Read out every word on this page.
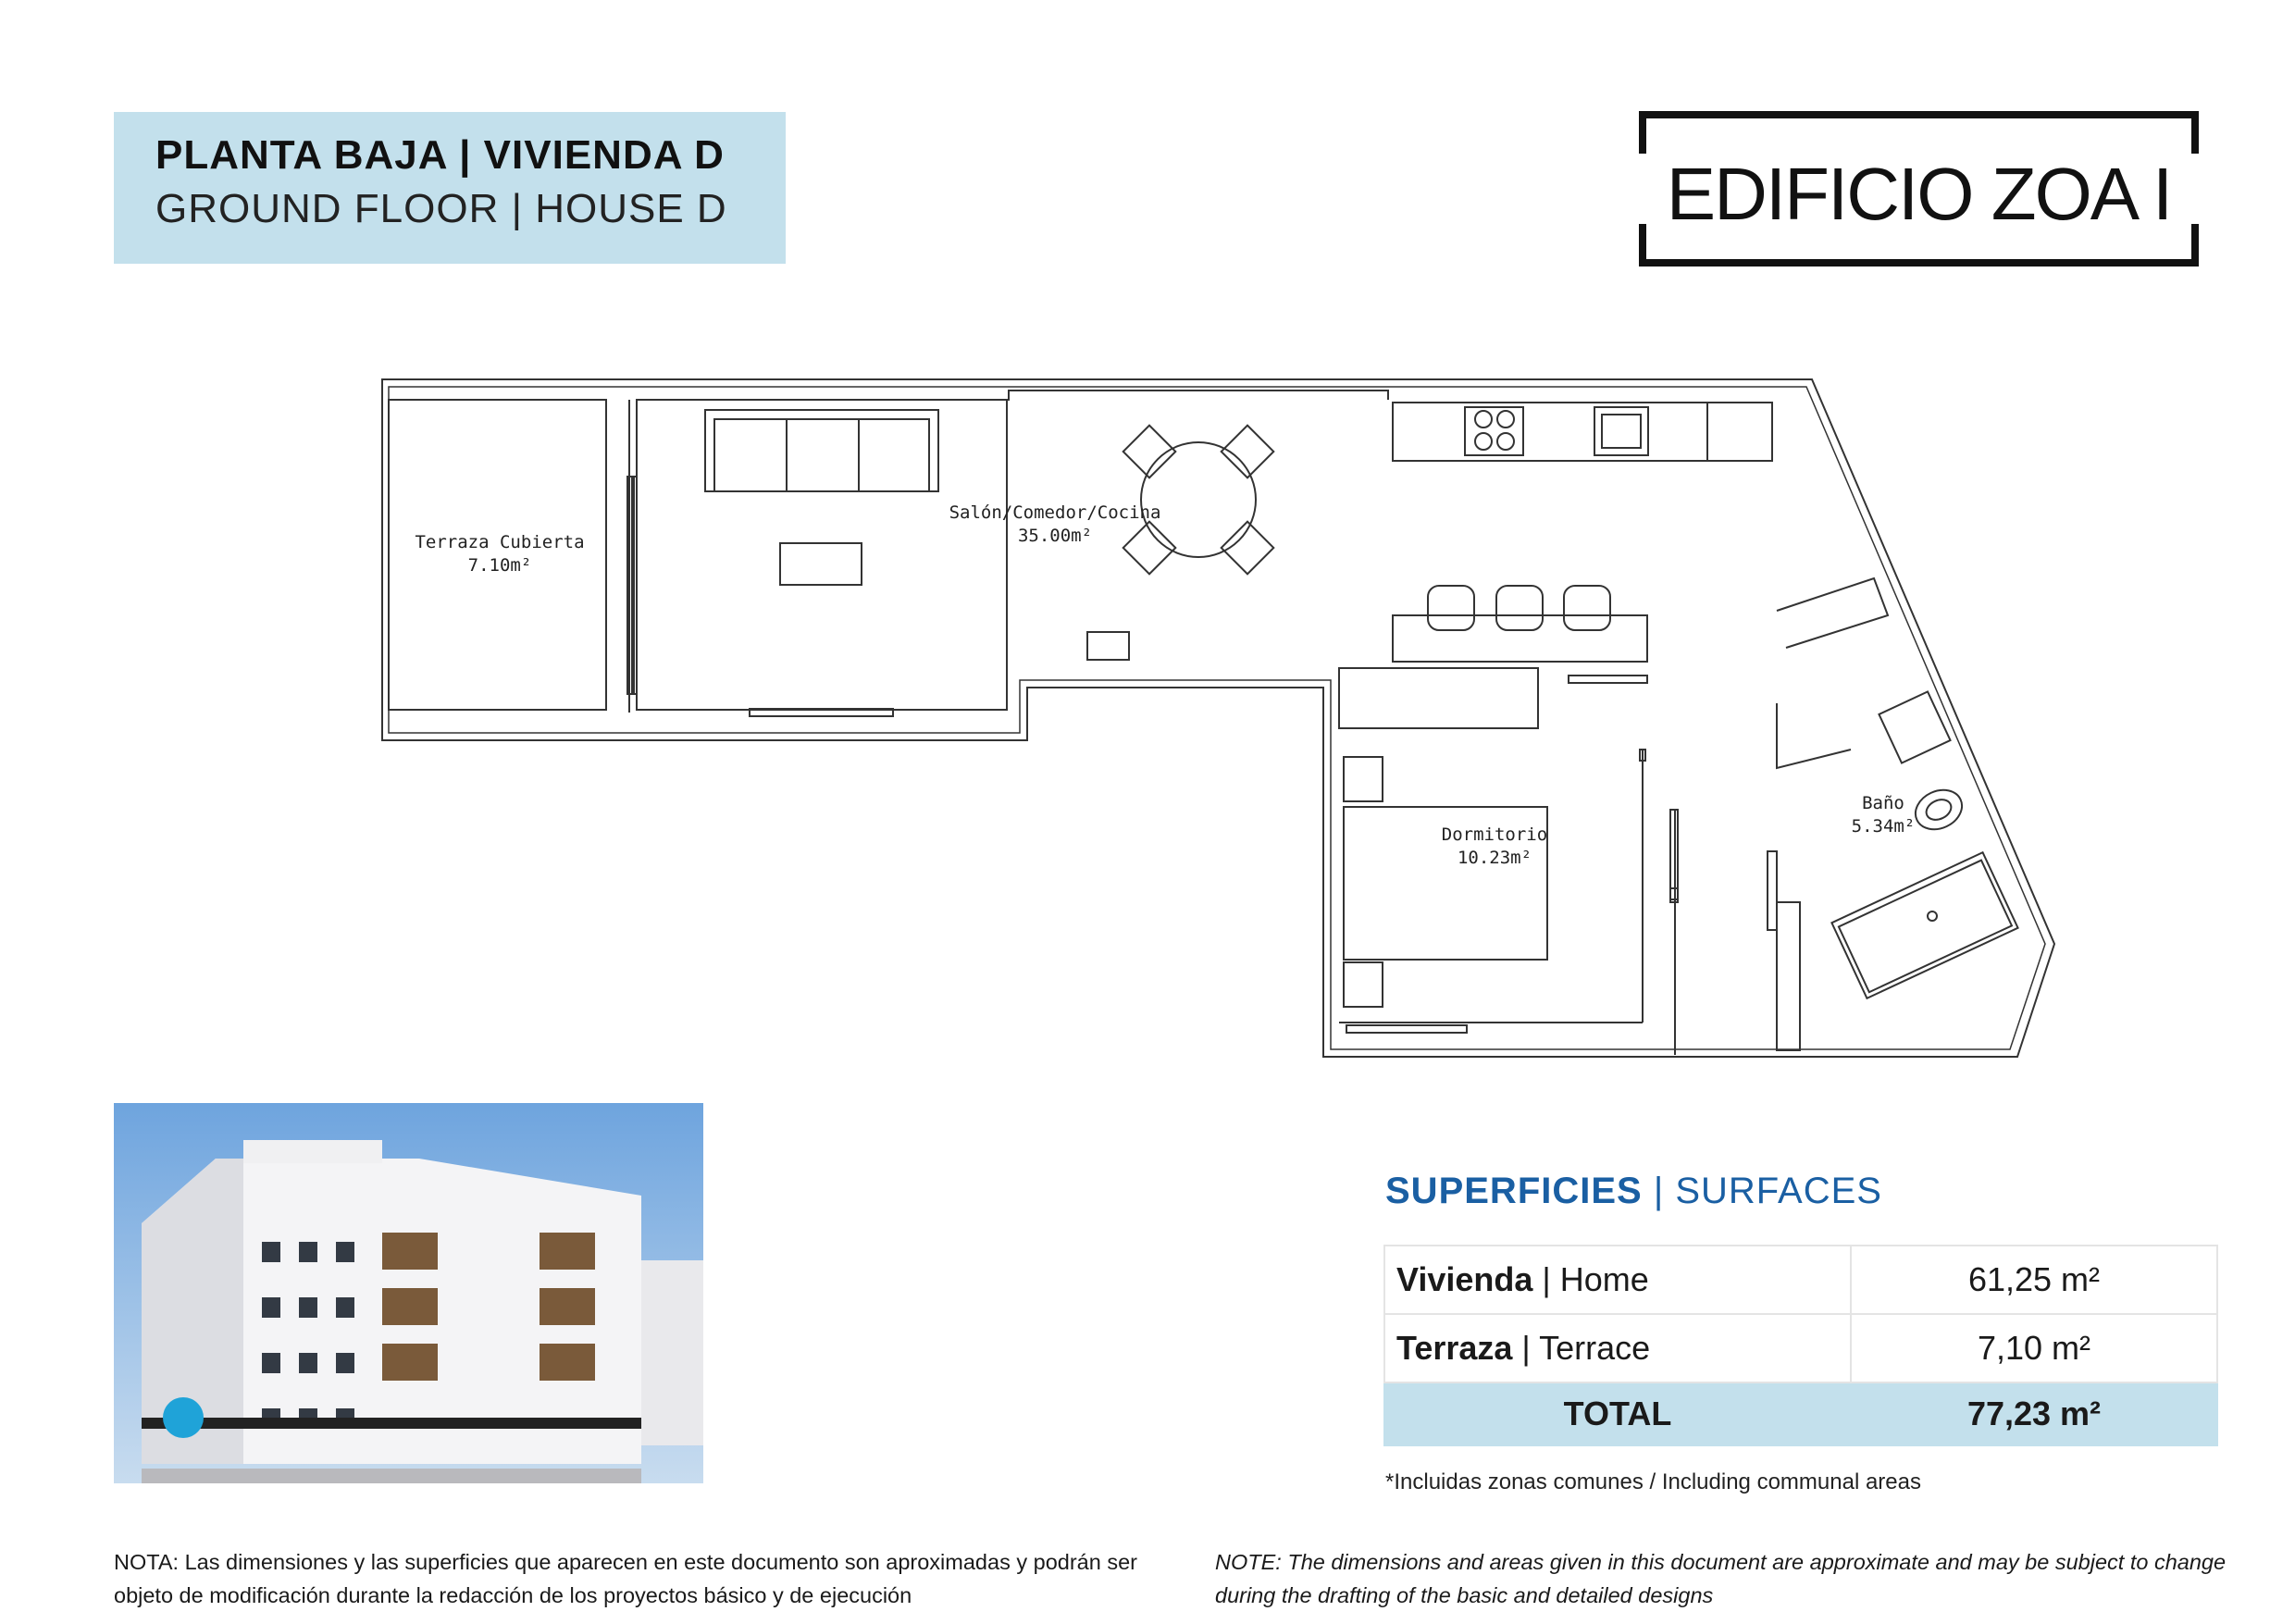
PLANTA BAJA | VIVIENDA D
GROUND FLOOR | HOUSE D	EDIFICIO ZOA I
Terraza Cubierta
7.10m²
Salón/Comedor/Cocina
35.00m²
Dormitorio
10.23m²
Baño
5.34m²
SUPERFICIES | SURFACES
Vivienda | Home	61,25 m²
Terraza | Terrace	7,10 m²
TOTAL	77,23 m²
*Incluidas zonas comunes / Including communal areas
NOTA: Las dimensiones y las superficies que aparecen en este documento son aproximadas y podrán ser objeto de modificación durante la redacción de los proyectos básico y de ejecución
NOTE: The dimensions and areas given in this document are approximate and may be subject to change during the drafting of the basic and detailed designs
